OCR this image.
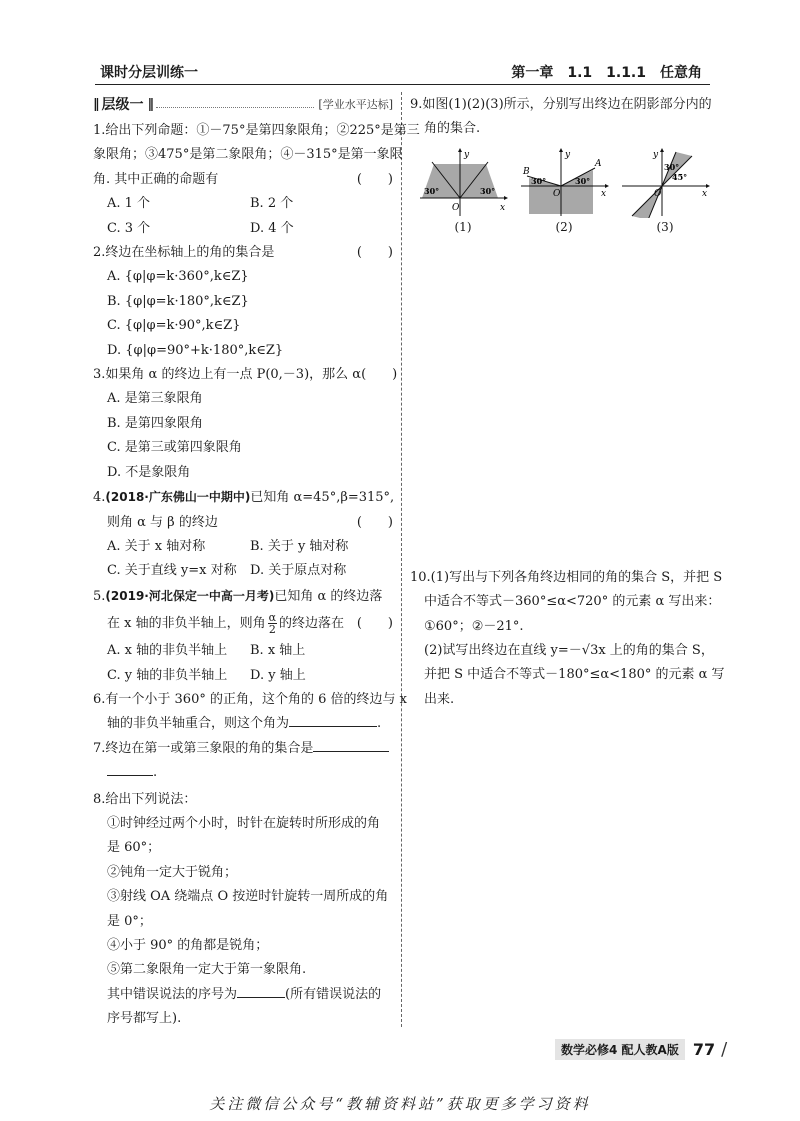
课时分层训练一	第一章　1.1　1.1.1　任意角
‖ 层级一 ‖	[学业水平达标]
1.给出下列命题：①－75°是第四象限角；②225°是第三
象限角；③475°是第二象限角；④－315°是第一象限
角. 其中正确的命题有	(　　)
A. 1 个	B. 2 个
C. 3 个	D. 4 个
2.终边在坐标轴上的角的集合是	(　　)
A. {φ|φ=k·360°,k∈Z}
B. {φ|φ=k·180°,k∈Z}
C. {φ|φ=k·90°,k∈Z}
D. {φ|φ=90°+k·180°,k∈Z}
3.如果角 α 的终边上有一点 P(0,－3)，那么 α (　　)
A. 是第三象限角
B. 是第四象限角
C. 是第三或第四象限角
D. 不是象限角
4.(2018·广东佛山一中期中)已知角 α=45°,β=315°,
则角 α 与 β 的终边	(　　)
A. 关于 x 轴对称	B. 关于 y 轴对称
C. 关于直线 y=x 对称	D. 关于原点对称
5.(2019·河北保定一中高一月考)已知角 α 的终边落
在 x 轴的非负半轴上，则角 $\frac{\alpha}{2}$ 的终边落在 (　　)
A. x 轴的非负半轴上	B. x 轴上
C. y 轴的非负半轴上	D. y 轴上
6.有一个小于 360° 的正角，这个角的 6 倍的终边与 x
轴的非负半轴重合，则这个角为	.
7.终边在第一或第三象限的角的集合是
.
8.给出下列说法：
①时钟经过两个小时，时针在旋转时所形成的角
是 60°；
②钝角一定大于锐角；
③射线 OA 绕端点 O 按逆时针旋转一周所成的角
是 0°；
④小于 90° 的角都是锐角；
⑤第二象限角一定大于第一象限角.
其中错误说法的序号为	(所有错误说法的
序号都写上).
9.如图(1)(2)(3)所示，分别写出终边在阴影部分内的
角的集合.
y
x
O
30°	30°
(1)
y
x
O
B
A
30°	30°
(2)
y
x
O
30°
45°
(3)
10.(1)写出与下列各角终边相同的角的集合 S，并把 S
中适合不等式－360°≤α<720° 的元素 α 写出来：
①60°；②－21°.
(2)试写出终边在直线 y=－√3x 上的角的集合 S，
并把 S 中适合不等式－180°≤α<180° 的元素 α 写
出来.
数学必修4 配人教A版 77 /
关注微信公众号“教辅资料站”获取更多学习资料
